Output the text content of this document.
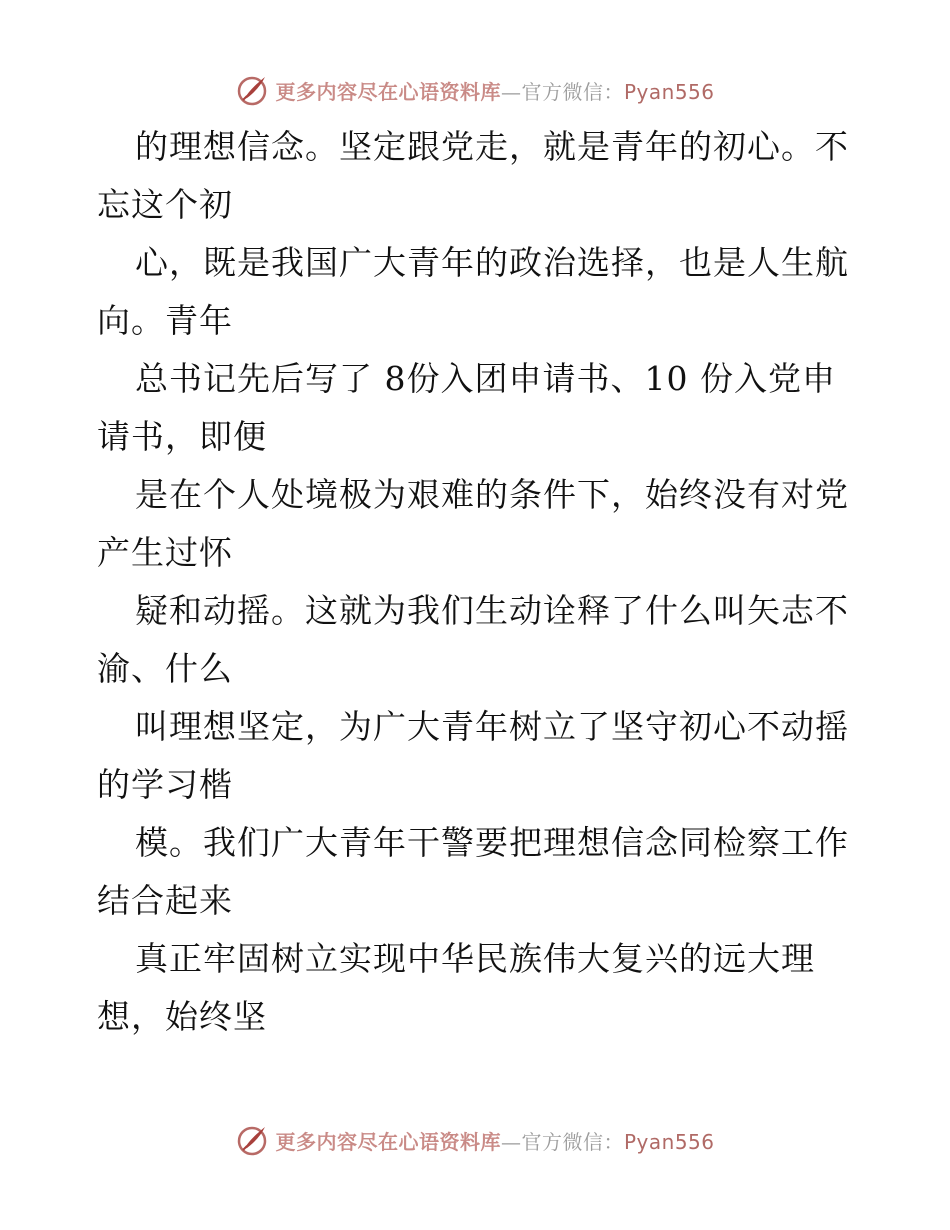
更多内容尽在心语资料库—官方微信：Pyan556
的理想信念。坚定跟党走，就是青年的初心。不
忘这个初
心，既是我国广大青年的政治选择，也是人生航
向。青年
总书记先后写了 8份入团申请书、10 份入党申
请书，即便
是在个人处境极为艰难的条件下，始终没有对党
产生过怀
疑和动摇。这就为我们生动诠释了什么叫矢志不
渝、什么
叫理想坚定，为广大青年树立了坚守初心不动摇
的学习楷
模。我们广大青年干警要把理想信念同检察工作
结合起来
真正牢固树立实现中华民族伟大复兴的远大理
想，始终坚
更多内容尽在心语资料库—官方微信：Pyan556
